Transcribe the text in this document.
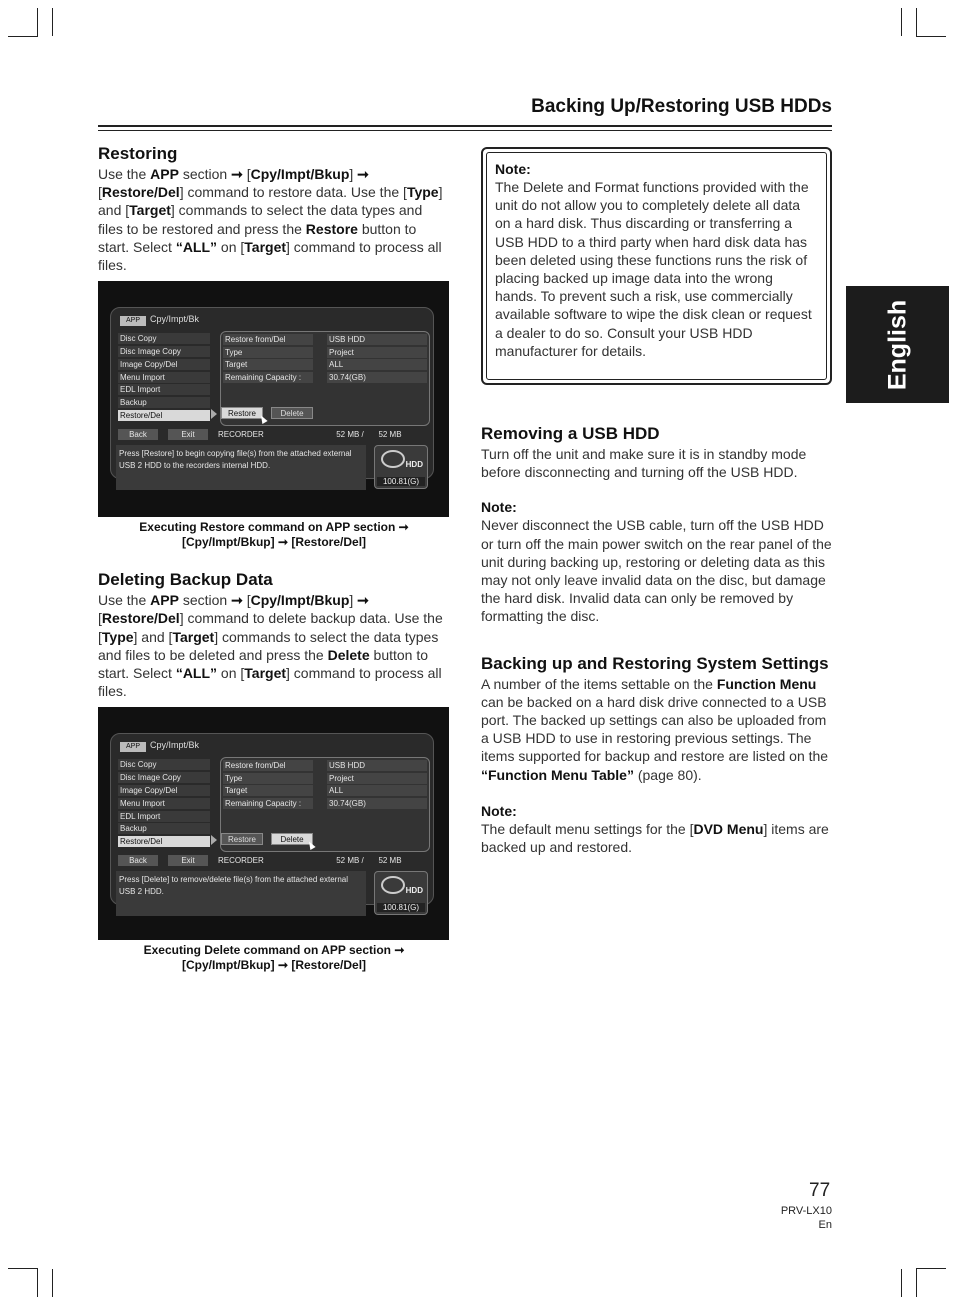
Backing Up/Restoring USB HDDs
English
Restoring

Use the APP section ➞ [Cpy/Impt/Bkup] ➞ [Restore/Del] command to restore data. Use the [Type] and [Target] commands to select the data types and files to be restored and press the Restore button to start. Select “ALL” on [Target] command to process all files.

APP	Cpy/Impt/Bk
Disc Copy
Disc Image Copy
Image Copy/Del
Menu Import
EDL Import
Backup
Restore/Del
Restore from/Del	USB HDD
Type	Project
Target	ALL
Remaining Capacity :	30.74(GB)
Restore	Delete
Back	Exit	RECORDER	52 MB /	52 MB
Press [Restore] to begin copying file(s) from the attached external USB 2 HDD to the recorders internal HDD.	HDD
100.81(G)
Executing Restore command on APP section ➞
[Cpy/Impt/Bkup] ➞ [Restore/Del]
Deleting Backup Data

Use the APP section ➞ [Cpy/Impt/Bkup] ➞ [Restore/Del] command to delete backup data. Use the [Type] and [Target] commands to select the data types and files to be deleted and press the Delete button to start. Select “ALL” on [Target] command to process all files.

APP	Cpy/Impt/Bk
Disc Copy
Disc Image Copy
Image Copy/Del
Menu Import
EDL Import
Backup
Restore/Del
Restore from/Del	USB HDD
Type	Project
Target	ALL
Remaining Capacity :	30.74(GB)
Restore	Delete
Back	Exit	RECORDER	52 MB /	52 MB
Press [Delete] to remove/delete file(s) from the attached external USB 2 HDD.	HDD
100.81(G)
Executing Delete command on APP section ➞
[Cpy/Impt/Bkup] ➞ [Restore/Del]
Note:

The Delete and Format functions provided with the unit do not allow you to completely delete all data on a hard disk. Thus discarding or transferring a USB HDD to a third party when hard disk data has been deleted using these functions runs the risk of placing backed up image data into the wrong hands. To prevent such a risk, use commercially available software to wipe the disk clean or request a dealer to do so. Consult your USB HDD manufacturer for details.

Removing a USB HDD

Turn off the unit and make sure it is in standby mode before disconnecting and turning off the USB HDD.

Note:

Never disconnect the USB cable, turn off the USB HDD or turn off the main power switch on the rear panel of the unit during backing up, restoring or deleting data as this may not only leave invalid data on the disc, but damage the hard disk. Invalid data can only be removed by formatting the disc.

Backing up and Restoring System Settings

A number of the items settable on the Function Menu can be backed on a hard disk drive connected to a USB port. The backed up settings can also be uploaded from a USB HDD to use in restoring previous settings. The items supported for backup and restore are listed on the “Function Menu Table” (page 80).

Note:

The default menu settings for the [DVD Menu] items are backed up and restored.

77
PRV-LX10
En
